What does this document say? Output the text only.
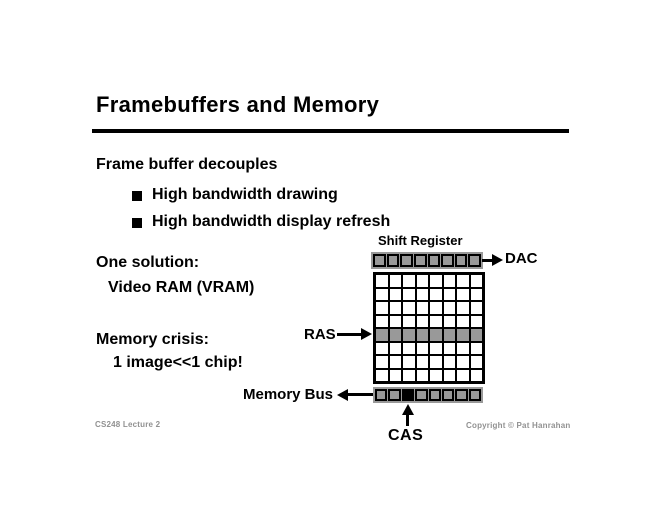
Framebuffers and Memory
Frame buffer decouples
High bandwidth drawing
High bandwidth display refresh
One solution:
Video RAM (VRAM)
Memory crisis:
1 image<<1 chip!
Shift Register
DAC
RAS
Memory Bus
CAS
CS248 Lecture 2	Copyright © Pat Hanrahan
